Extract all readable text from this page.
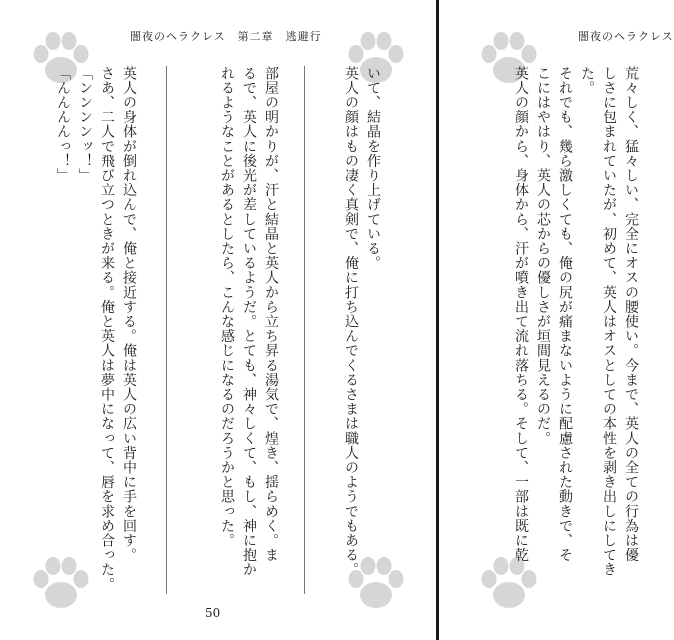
闇夜のヘラクレス　第二章　逃避行
いて、結晶を作り上げている。
英人の顔はもの凄く真剣で、俺に打ち込んでくるさまは職人のようでもある。
部屋の明かりが、汗と結晶と英人から立ち昇る湯気で、煌き、揺らめく。ま
るで、英人に後光が差しているようだ。とても、神々しくて、もし、神に抱か
れるようなことがあるとしたら、こんな感じになるのだろうかと思った。
英人の身体が倒れ込んで、俺と接近する。俺は英人の広い背中に手を回す。
さあ、二人で飛び立つときが来る。俺と英人は夢中になって、唇を求め合った。
「ンンンンッ！」
「んんんんっ！」
50
闇夜のヘラクレス
荒々しく、猛々しい、完全にオスの腰使い。今まで、英人の全ての行為は優
しさに包まれていたが、初めて、英人はオスとしての本性を剥き出しにしてき
た。
それでも、幾ら激しくても、俺の尻が痛まないように配慮された動きで、そ
こにはやはり、英人の芯からの優しさが垣間見えるのだ。
英人の顔から、身体から、汗が噴き出て流れ落ちる。そして、一部は既に乾
